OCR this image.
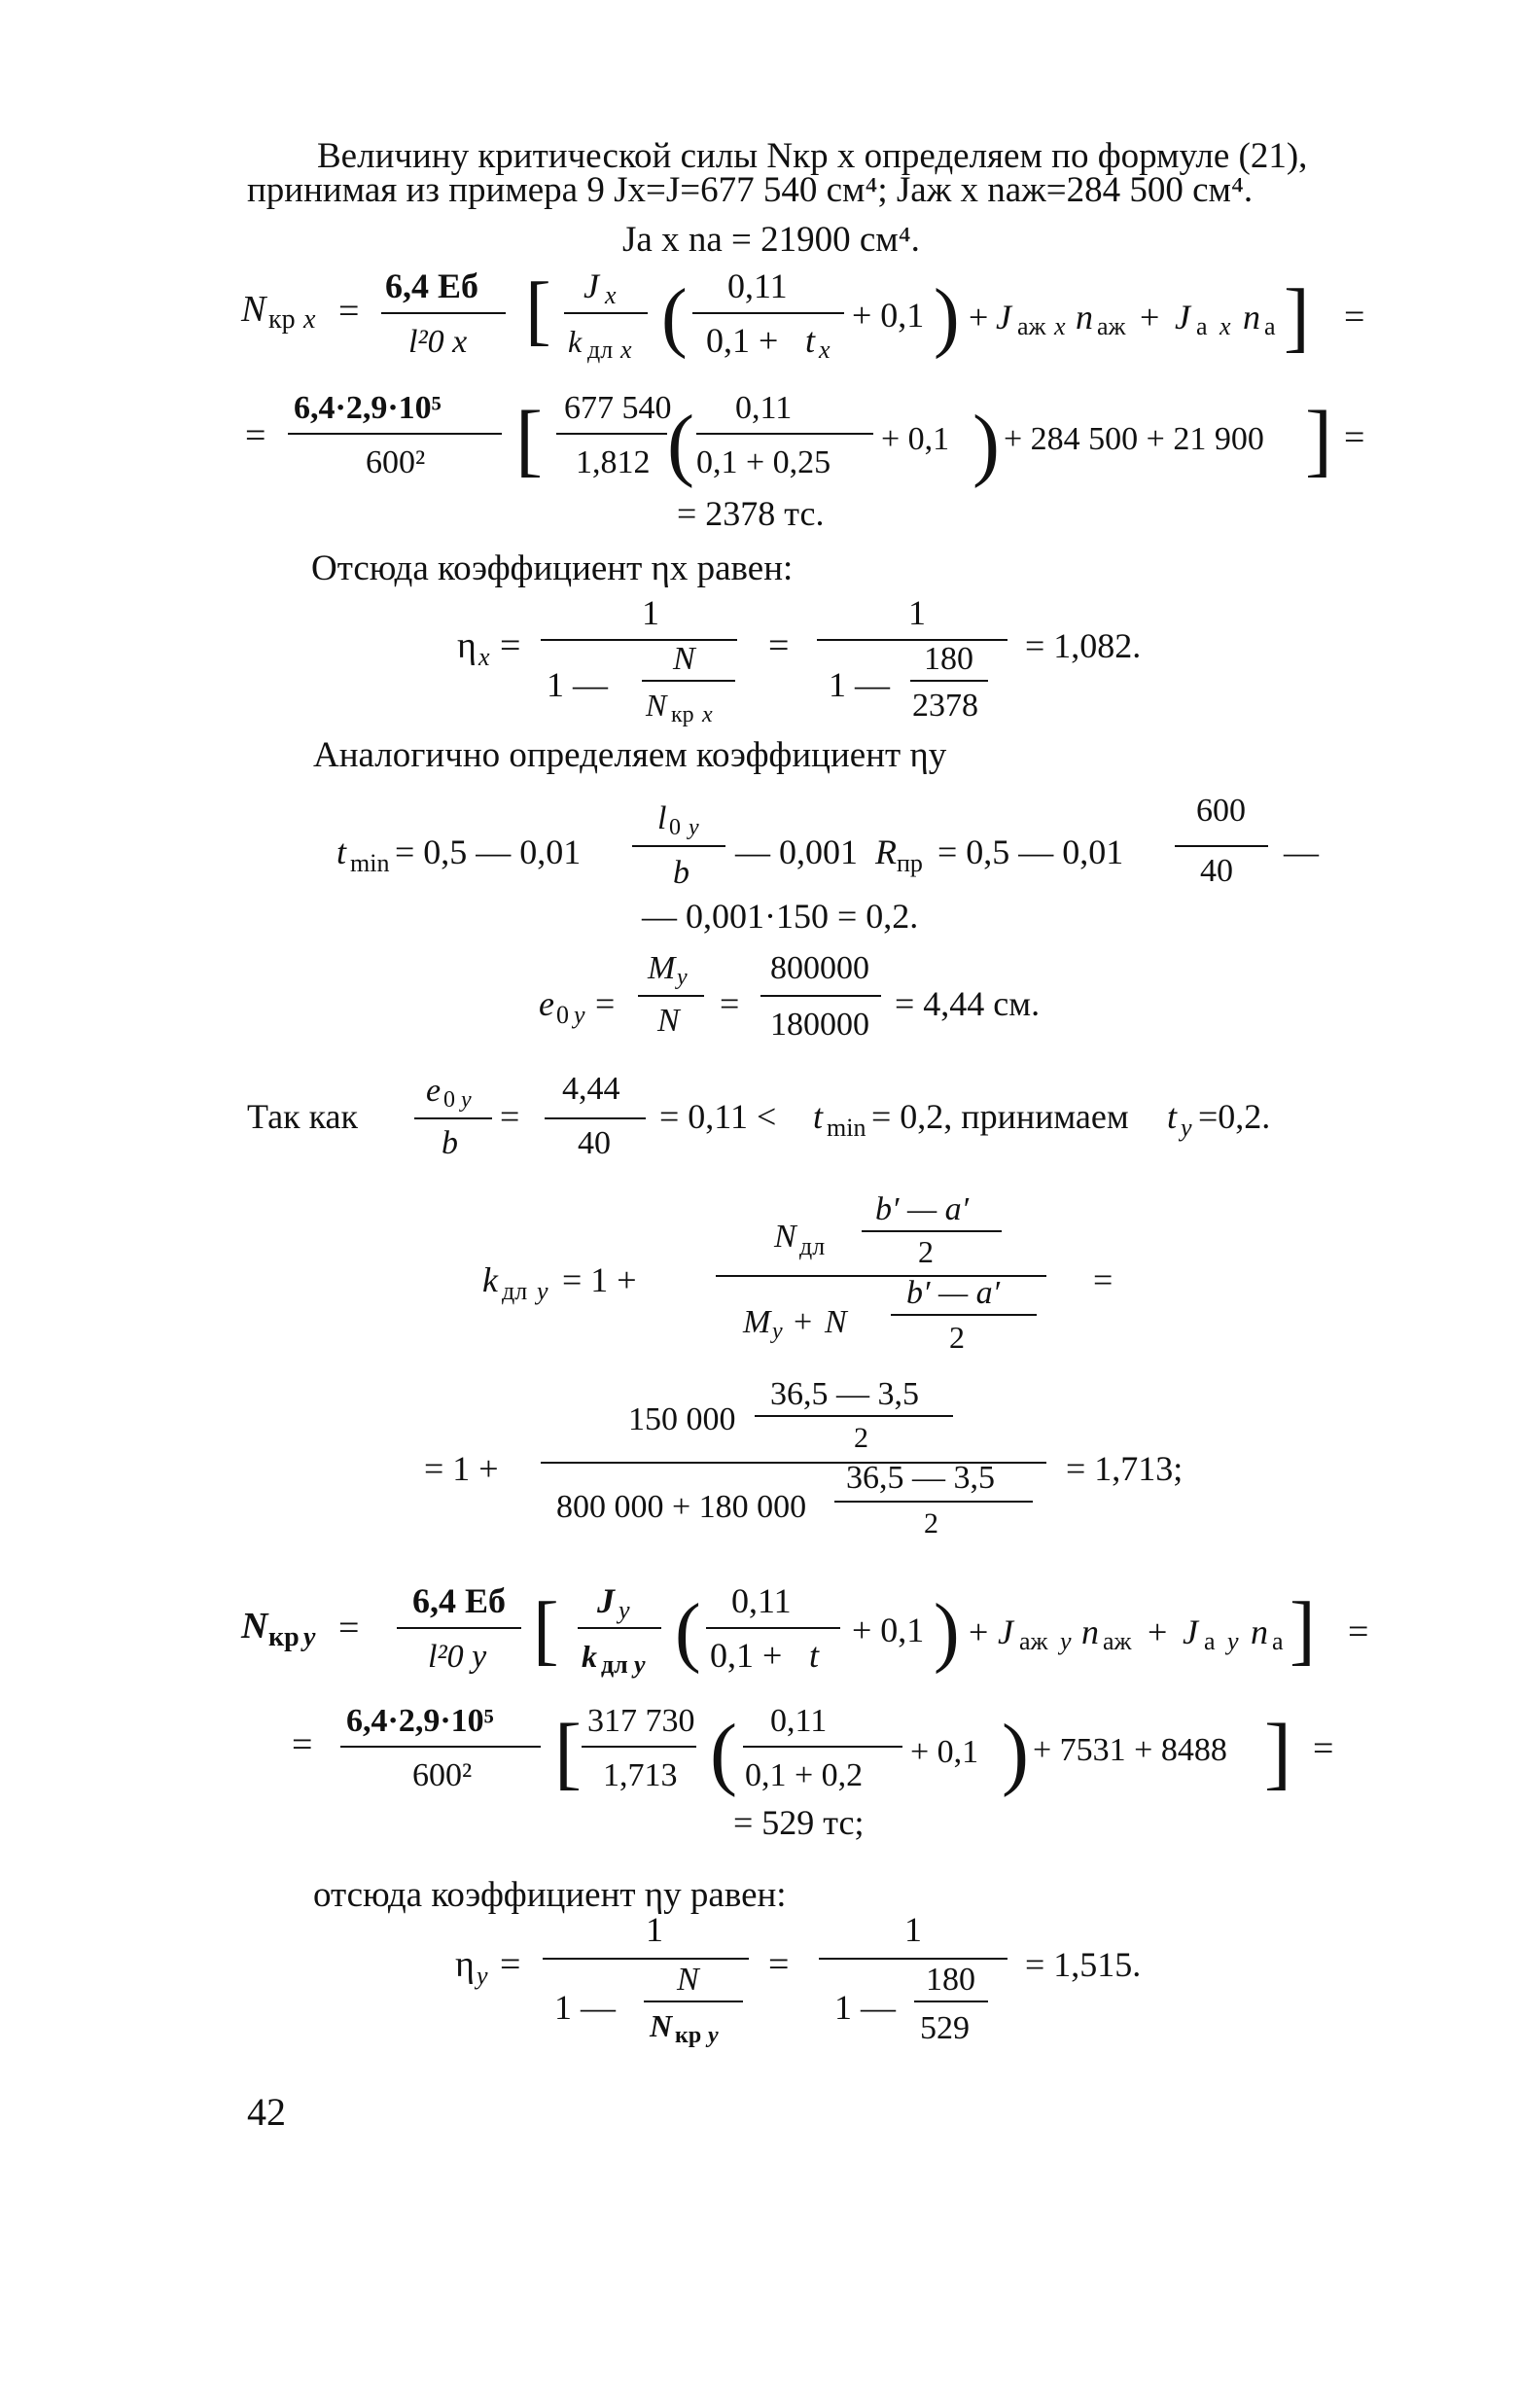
Величину критической силы Nкр x определяем по формуле (21),
принимая из примера 9 Jx=J=677 540 см⁴; Jаж x nаж=284 500 см⁴.
Ja x na = 21900 см⁴.
N кр x =
6,4 Eб
l²0 x [ J x
k дл x ( 0,11
0,1 + t x
+ 0,1 ) + J аж x n аж + J а x n а ] =
=
6,4·2,9·10⁵
600² [ 677 540
1,812 ( 0,11
0,1 + 0,25
+ 0,1 ) + 284 500 + 21 900 ] =
= 2378 тс.
Отсюда коэффициент ηx равен:
η x =
1
1 —
N
N кр x
=
1
1 —
180
2378
= 1,082.
Аналогично определяем коэффициент ηy
600
l 0 y
t min = 0,5 — 0,01
b
— 0,001 R пр = 0,5 — 0,01 40 —
— 0,001·150 = 0,2.
M y	800000
e 0 y = N =
180000
= 4,44 см.
Так как
e 0 y
b
=
4,44
40
= 0,11 < t min = 0,2, принимаем t y =0,2.
b′ — a′
N дл	2
k дл y = 1 +	b′ — a′
M y + N	2
=
36,5 — 3,5
150 000
2
= 1 +	36,5 — 3,5
800 000 + 180 000	2
= 1,713;
N кр y =
6,4 Eб
l²0 y [ J y
k дл y ( 0,11
0,1 + t
+ 0,1 ) + J аж y n аж + J а y n а ] =
=
6,4·2,9·10⁵
600² [ 317 730
1,713 ( 0,11
0,1 + 0,2
+ 0,1 ) + 7531 + 8488 ] =
= 529 тс;
отсюда коэффициент ηy равен:
η y =
1
1 —
N
N кр y
=
1
1 —
180
529
= 1,515.
42
